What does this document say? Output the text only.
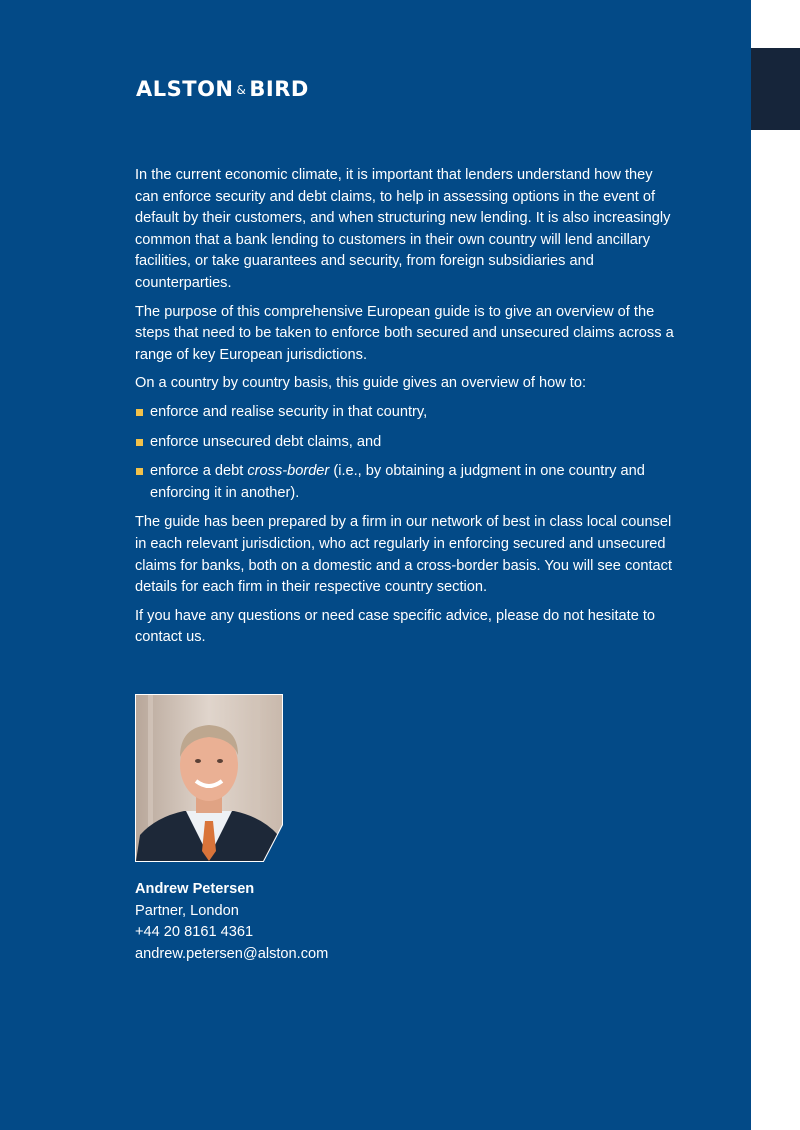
ALSTON & BIRD

In the current economic climate, it is important that lenders understand how they can enforce security and debt claims, to help in assessing options in the event of default by their customers, and when structuring new lending. It is also increasingly common that a bank lending to customers in their own country will lend ancillary facilities, or take guarantees and security, from foreign subsidiaries and counterparties.

The purpose of this comprehensive European guide is to give an overview of the steps that need to be taken to enforce both secured and unsecured claims across a range of key European jurisdictions.

On a country by country basis, this guide gives an overview of how to:

enforce and realise security in that country,
enforce unsecured debt claims, and
enforce a debt cross-border (i.e., by obtaining a judgment in one country and enforcing it in another).

The guide has been prepared by a firm in our network of best in class local counsel in each relevant jurisdiction, who act regularly in enforcing secured and unsecured claims for banks, both on a domestic and a cross-border basis. You will see contact details for each firm in their respective country section.

If you have any questions or need case specific advice, please do not hesitate to contact us.

Andrew Petersen
Partner, London
+44 20 8161 4361
andrew.petersen@alston.com
